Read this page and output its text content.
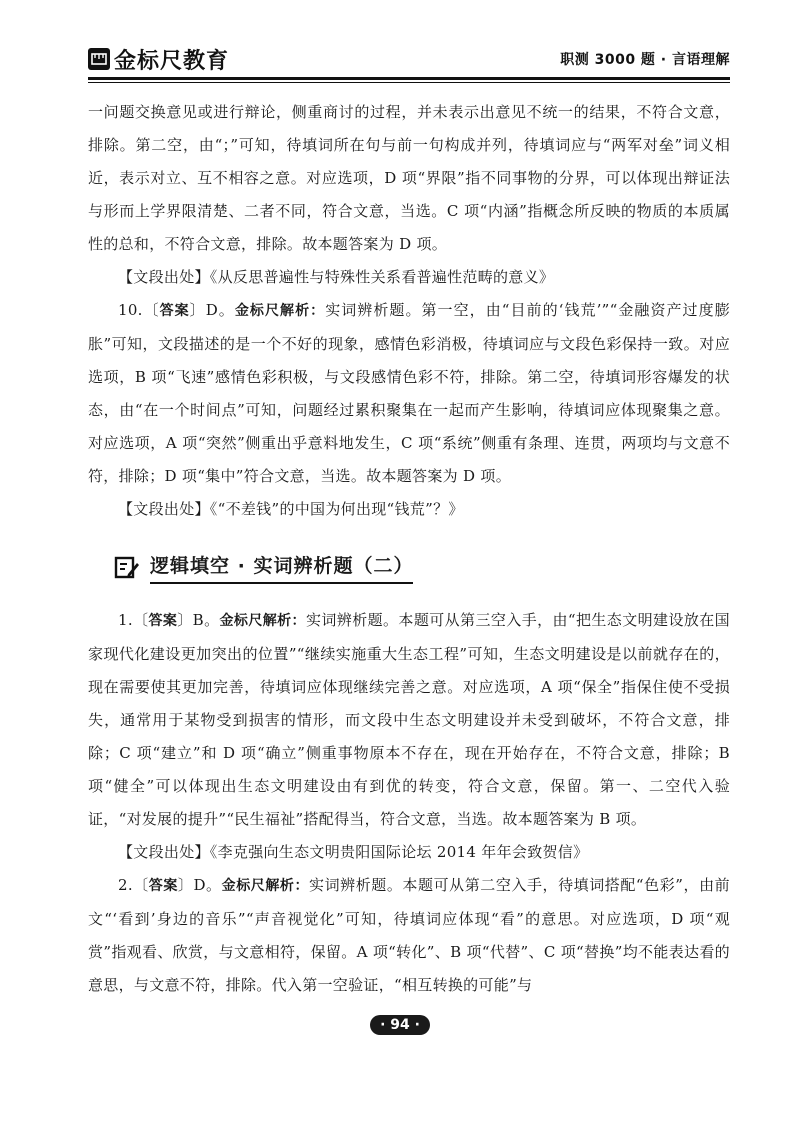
金标尺教育	职测 3000 题 · 言语理解

一问题交换意见或进行辩论，侧重商讨的过程，并未表示出意见不统一的结果，不符合文意，排除。第二空，由“；”可知，待填词所在句与前一句构成并列，待填词应与“两军对垒”词义相近，表示对立、互不相容之意。对应选项，D 项“界限”指不同事物的分界，可以体现出辩证法与形而上学界限清楚、二者不同，符合文意，当选。C 项“内涵”指概念所反映的物质的本质属性的总和，不符合文意，排除。故本题答案为 D 项。

【文段出处】《从反思普遍性与特殊性关系看普遍性范畴的意义》

10.〔答案〕D。金标尺解析：实词辨析题。第一空，由“目前的‘钱荒’”“金融资产过度膨胀”可知，文段描述的是一个不好的现象，感情色彩消极，待填词应与文段色彩保持一致。对应选项，B 项“飞速”感情色彩积极，与文段感情色彩不符，排除。第二空，待填词形容爆发的状态，由“在一个时间点”可知，问题经过累积聚集在一起而产生影响，待填词应体现聚集之意。对应选项，A 项“突然”侧重出乎意料地发生，C 项“系统”侧重有条理、连贯，两项均与文意不符，排除；D 项“集中”符合文意，当选。故本题答案为 D 项。

【文段出处】《“不差钱”的中国为何出现“钱荒”？》

逻辑填空 · 实词辨析题（二）

1.〔答案〕B。金标尺解析：实词辨析题。本题可从第三空入手，由“把生态文明建设放在国家现代化建设更加突出的位置”“继续实施重大生态工程”可知，生态文明建设是以前就存在的，现在需要使其更加完善，待填词应体现继续完善之意。对应选项，A 项“保全”指保住使不受损失，通常用于某物受到损害的情形，而文段中生态文明建设并未受到破坏，不符合文意，排除；C 项“建立”和 D 项“确立”侧重事物原本不存在，现在开始存在，不符合文意，排除；B 项“健全”可以体现出生态文明建设由有到优的转变，符合文意，保留。第一、二空代入验证，“对发展的提升”“民生福祉”搭配得当，符合文意，当选。故本题答案为 B 项。

【文段出处】《李克强向生态文明贵阳国际论坛 2014 年年会致贺信》

2.〔答案〕D。金标尺解析：实词辨析题。本题可从第二空入手，待填词搭配“色彩”，由前文“‘看到’身边的音乐”“声音视觉化”可知，待填词应体现“看”的意思。对应选项，D 项“观赏”指观看、欣赏，与文意相符，保留。A 项“转化”、B 项“代替”、C 项“替换”均不能表达看的意思，与文意不符，排除。代入第一空验证，“相互转换的可能”与

· 94 ·
